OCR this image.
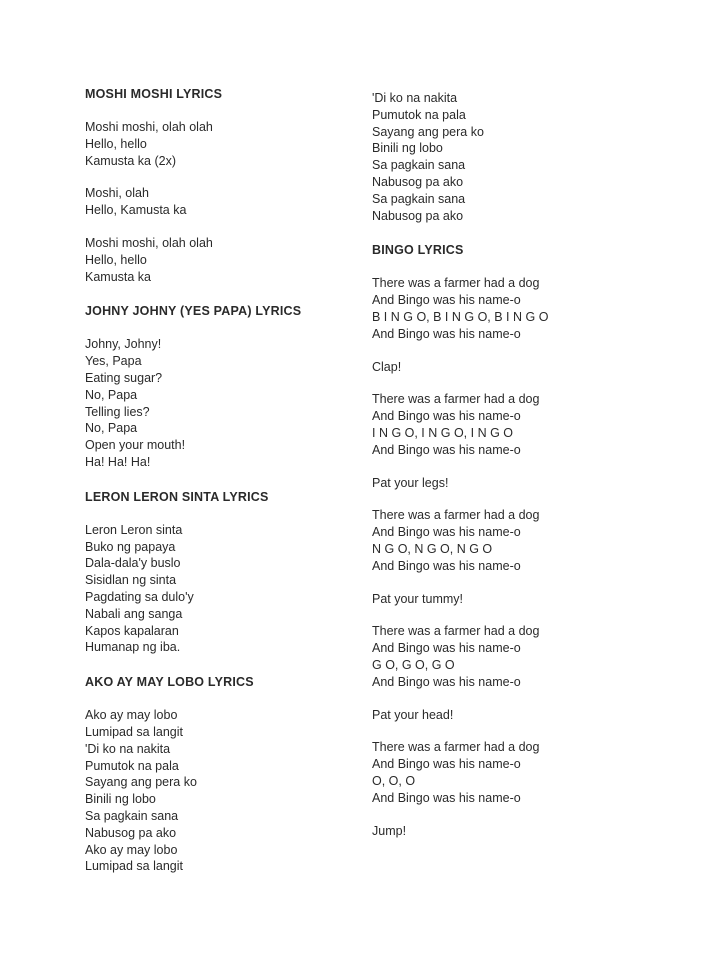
MOSHI MOSHI LYRICS
Moshi moshi, olah olah
Hello, hello
Kamusta ka (2x)
Moshi, olah
Hello, Kamusta ka
Moshi moshi, olah olah
Hello, hello
Kamusta ka
JOHNY JOHNY (YES PAPA) LYRICS
Johny, Johny!
Yes, Papa
Eating sugar?
No, Papa
Telling lies?
No, Papa
Open your mouth!
Ha! Ha! Ha!
LERON LERON SINTA LYRICS
Leron Leron sinta
Buko ng papaya
Dala-dala'y buslo
Sisidlan ng sinta
Pagdating sa dulo'y
Nabali ang sanga
Kapos kapalaran
Humanap ng iba.
AKO AY MAY LOBO LYRICS
Ako ay may lobo
Lumipad sa langit
'Di ko na nakita
Pumutok na pala
Sayang ang pera ko
Binili ng lobo
Sa pagkain sana
Nabusog pa ako
Ako ay may lobo
Lumipad sa langit
'Di ko na nakita
Pumutok na pala
Sayang ang pera ko
Binili ng lobo
Sa pagkain sana
Nabusog pa ako
Sa pagkain sana
Nabusog pa ako
BINGO LYRICS
There was a farmer had a dog
And Bingo was his name-o
B I N G O, B I N G O, B I N G O
And Bingo was his name-o
Clap!
There was a farmer had a dog
And Bingo was his name-o
I N G O, I N G O, I N G O
And Bingo was his name-o
Pat your legs!
There was a farmer had a dog
And Bingo was his name-o
N G O, N G O, N G O
And Bingo was his name-o
Pat your tummy!
There was a farmer had a dog
And Bingo was his name-o
G O, G O, G O
And Bingo was his name-o
Pat your head!
There was a farmer had a dog
And Bingo was his name-o
O, O, O
And Bingo was his name-o
Jump!
